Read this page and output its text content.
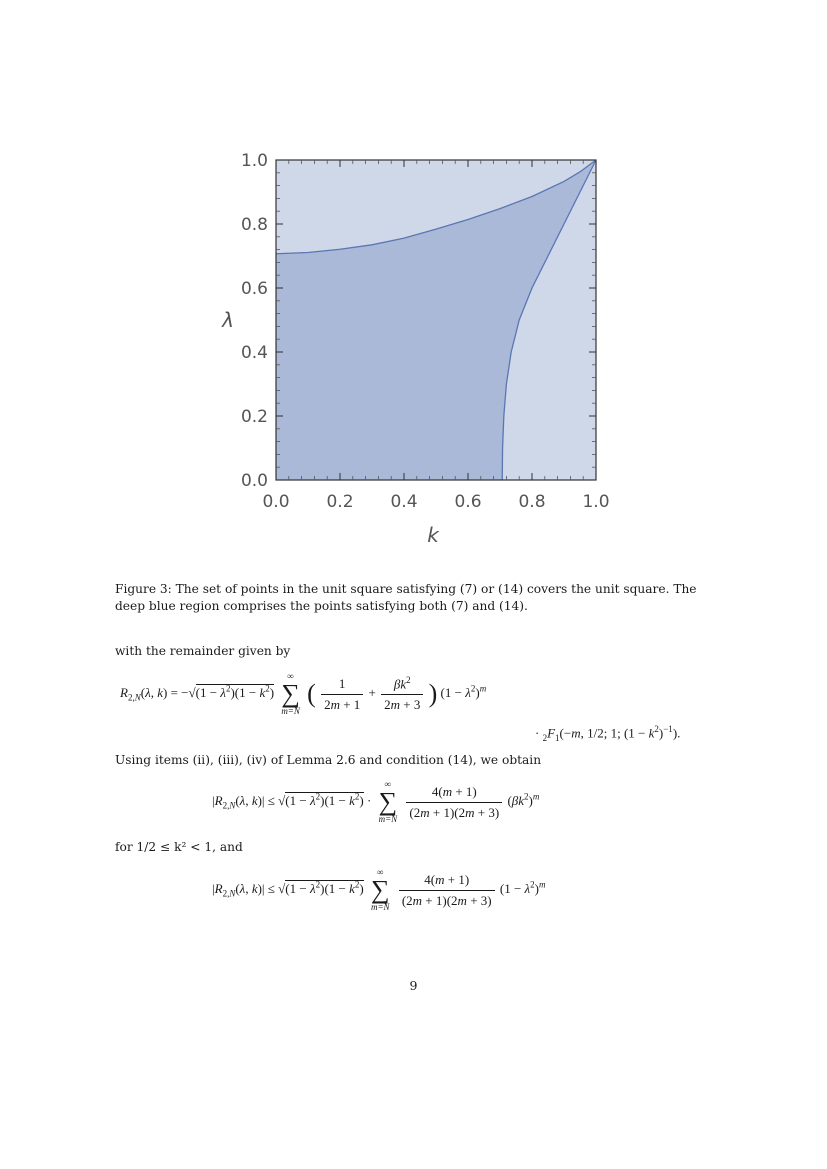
0.0
0.0
0.2
0.2
0.4
0.4
0.6
0.6
0.8
0.8
1.0
1.0
k
λ
Figure 3: The set of points in the unit square satisfying (7) or (14) covers the unit square. The deep blue region comprises the points satisfying both (7) and (14).
with the remainder given by
$R_{2,N}(\lambda$, $k) = -√(1 - \lambda^2)(1 - k^2)$
∞
∑
m=N
( $\frac{1}{2m + 1} + \frac{\beta k^2}{2m + 3}$ ) $(1 - \lambda^2)^m$
· $_2F_1(-m$, 1/2; 1; $(1 - k^2)^{-1}$).
Using items (ii), (iii), (iv) of Lemma 2.6 and condition (14), we obtain
$|R_{2,N}(\lambda$, $k)| \le √(1 - \lambda^2)(1 - k^2)$ ·
∞
∑
m=N
$\frac{4(m + 1)}{(2m + 1)(2m + 3)} (\beta k^2)^m$
for 1/2 ≤ k² < 1, and
$|R_{2,N}(\lambda$, $k)| \le √(1 - \lambda^2)(1 - k^2)$
∞
∑
m=N
$\frac{4(m + 1)}{(2m + 1)(2m + 3)} (1 - \lambda^2)^m$
9
